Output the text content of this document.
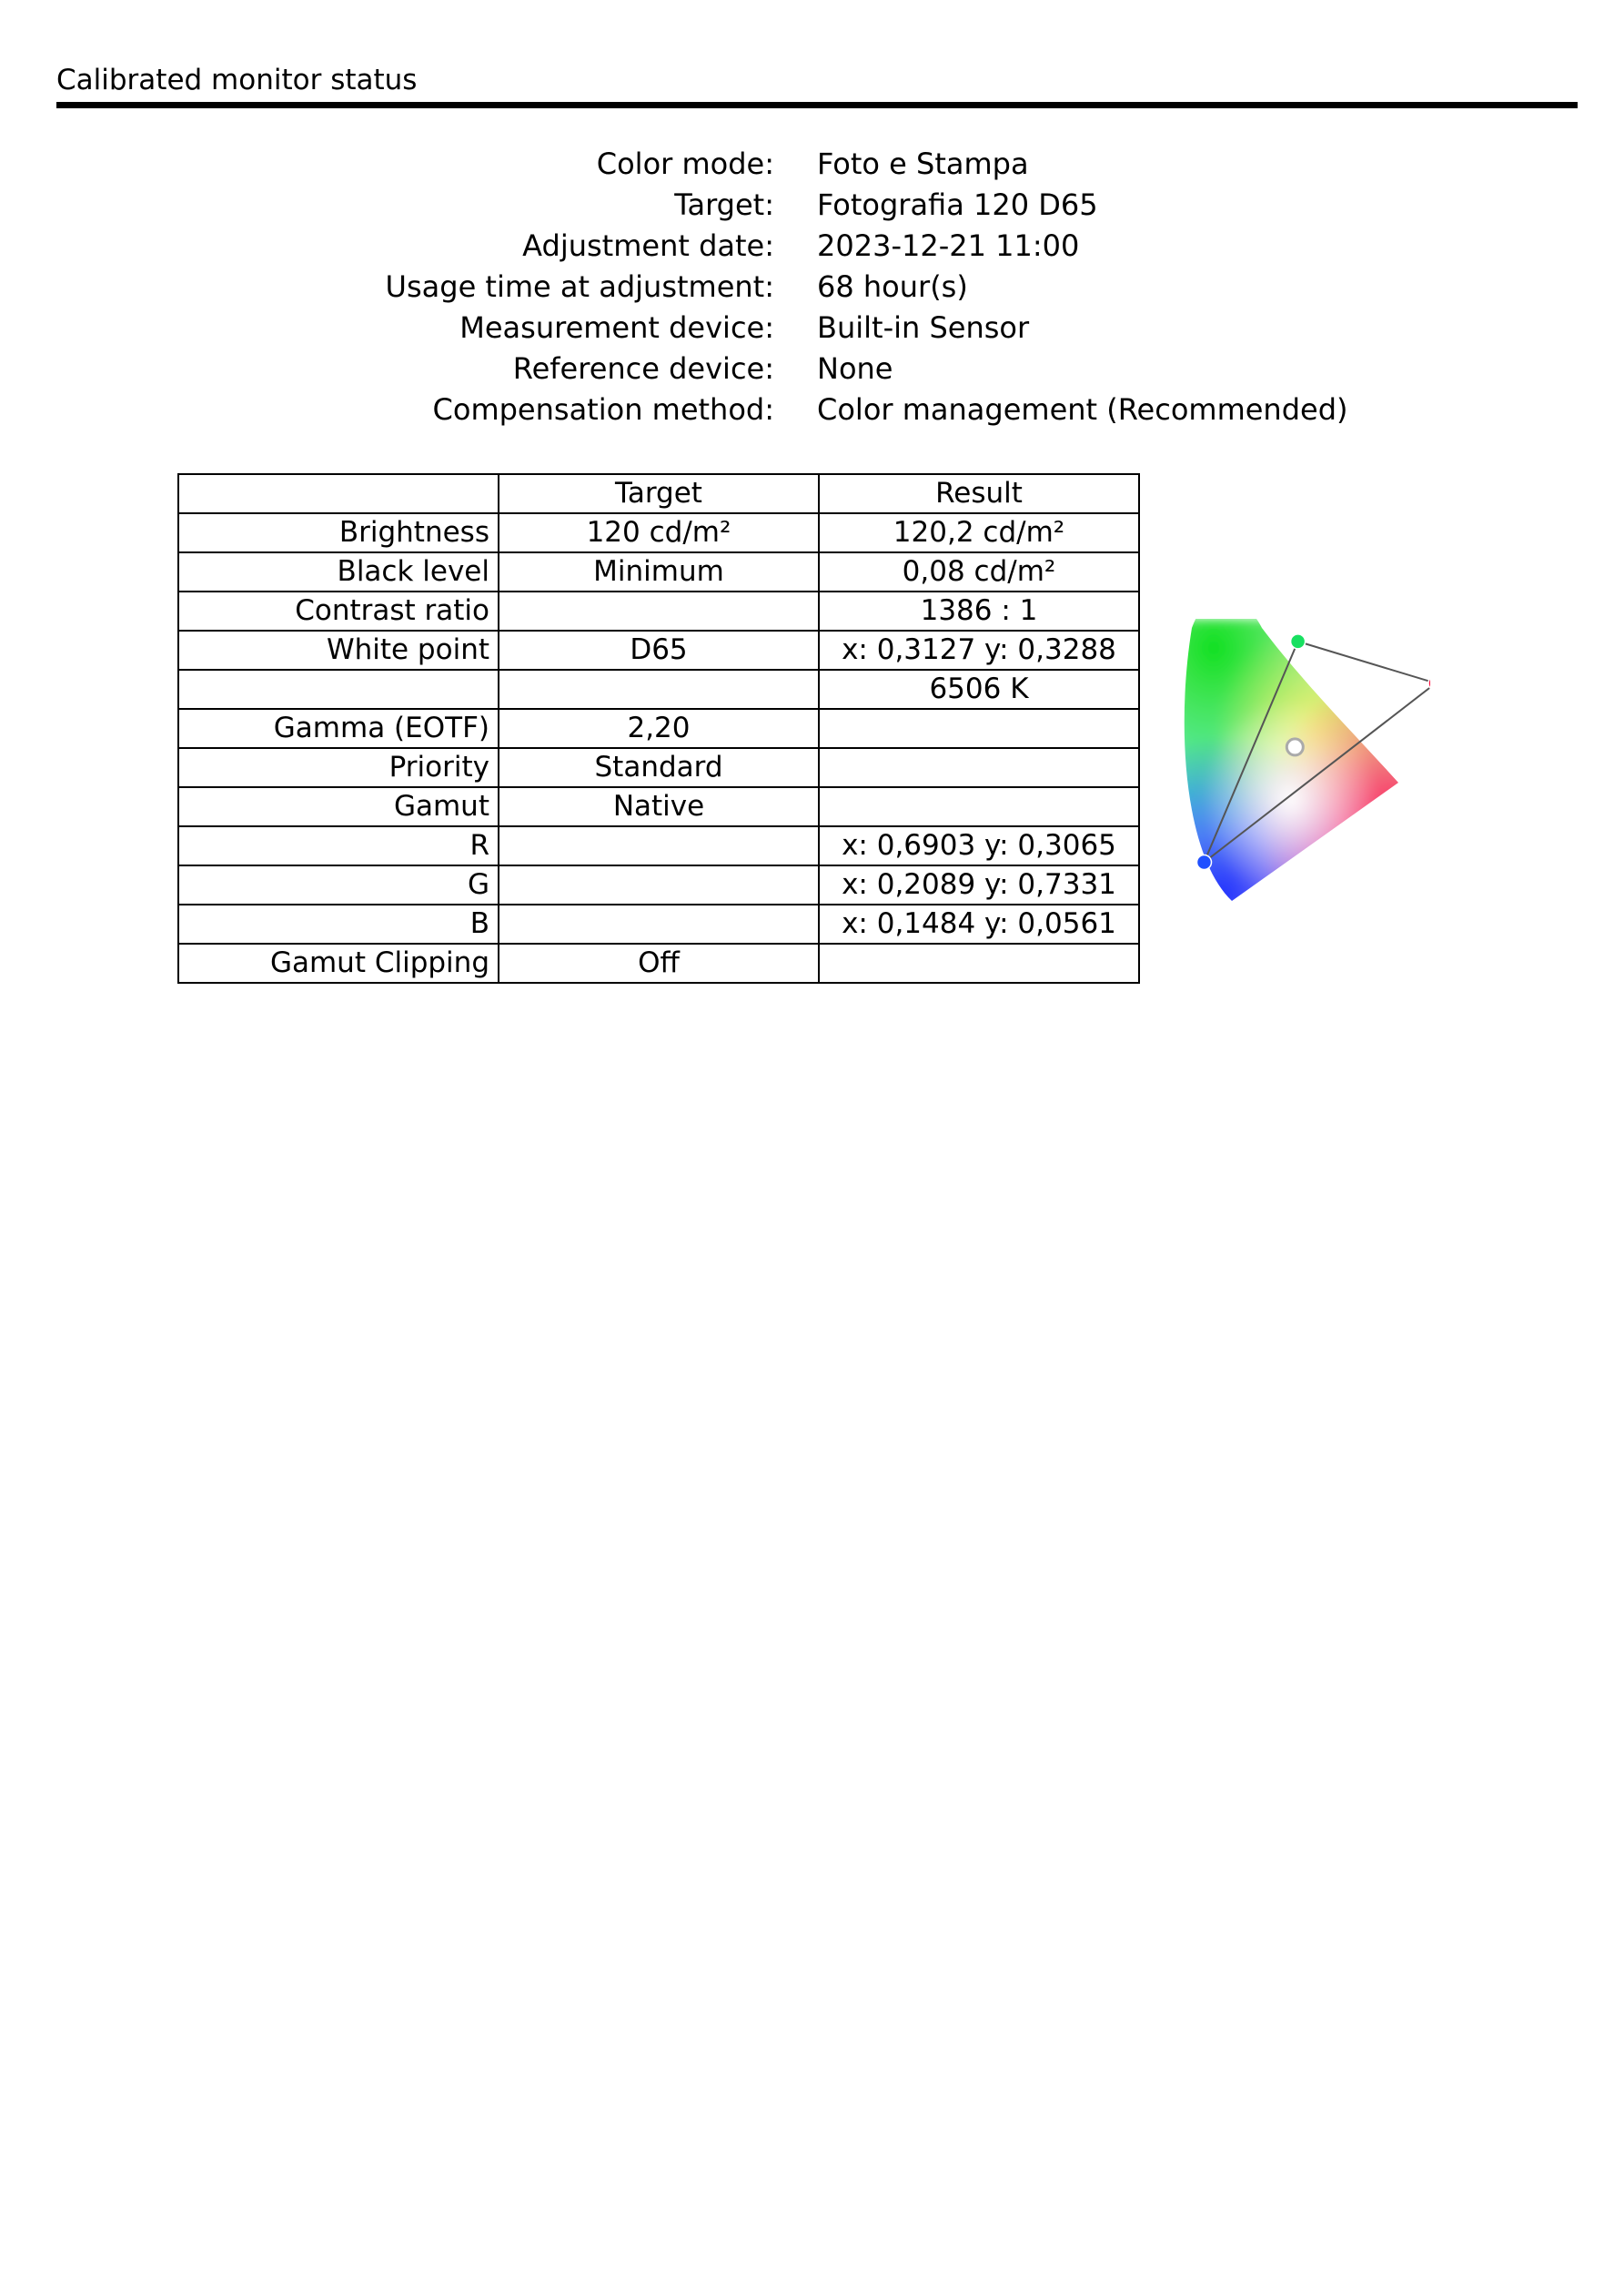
Calibrated monitor status
Color mode: Foto e Stampa
Target: Fotografia 120 D65
Adjustment date: 2023-12-21 11:00
Usage time at adjustment: 68 hour(s)
Measurement device: Built-in Sensor
Reference device: None
Compensation method: Color management (Recommended)
	Target	Result
Brightness	120 cd/m²	120,2 cd/m²
Black level	Minimum	0,08 cd/m²
Contrast ratio		1386 : 1
White point	D65	x: 0,3127 y: 0,3288
		6506 K
Gamma (EOTF)	2,20	
Priority	Standard	
Gamut	Native	
R		x: 0,6903 y: 0,3065
G		x: 0,2089 y: 0,7331
B		x: 0,1484 y: 0,0561
Gamut Clipping	Off	
